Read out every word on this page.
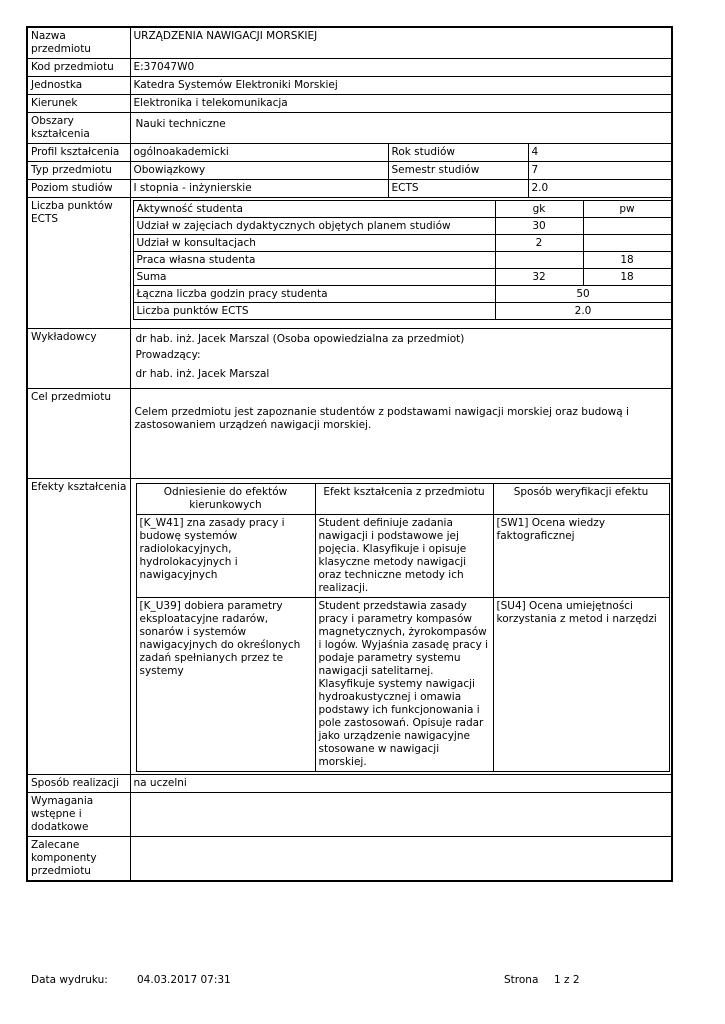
Nazwa przedmiotu	URZĄDZENIA NAWIGACJI MORSKIEJ
Kod przedmiotu	E:37047W0
Jednostka	Katedra Systemów Elektroniki Morskiej
Kierunek	Elektronika i telekomunikacja
Obszary kształcenia	Nauki techniczne
Profil kształcenia	ogólnoakademicki	Rok studiów	4
Typ przedmiotu	Obowiązkowy	Semestr studiów	7
Poziom studiów	I stopnia - inżynierskie	ECTS	2.0
Liczba punktów ECTS	
Aktywność studenta	gk	pw
Udział w zajęciach dydaktycznych objętych planem studiów	30	
Udział w konsultacjach	2	
Praca własna studenta		18
Suma	32	18
Łączna liczba godzin pracy studenta	50
Liczba punktów ECTS	2.0

Wykładowcy	dr hab. inż. Jacek Marszal (Osoba opowiedzialna za przedmiot)
Prowadzący:
dr hab. inż. Jacek Marszal

Cel przedmiotu	Celem przedmiotu jest zapoznanie studentów z podstawami nawigacji morskiej oraz budową i zastosowaniem urządzeń nawigacji morskiej.
Efekty kształcenia		Odniesienie do efektów kierunkowych	Efekt kształcenia z przedmiotu	Sposób weryfikacji efektu
[K_W41] zna zasady pracy i budowę systemów radiolokacyjnych, hydrolokacyjnych i nawigacyjnych	Student definiuje zadania nawigacji i podstawowe jej pojęcia. Klasyfikuje i opisuje klasyczne metody nawigacji oraz techniczne metody ich realizacji.	[SW1] Ocena wiedzy faktograficznej
[K_U39] dobiera parametry eksploatacyjne radarów, sonarów i systemów nawigacyjnych do określonych zadań spełnianych przez te systemy	Student przedstawia zasady pracy i parametry kompasów magnetycznych, żyrokompasów i logów. Wyjaśnia zasadę pracy i podaje parametry systemu nawigacji satelitarnej. Klasyfikuje systemy nawigacji hydroakustycznej i omawia podstawy ich funkcjonowania i pole zastosowań. Opisuje radar jako urządzenie nawigacyjne stosowane w nawigacji morskiej.	[SU4] Ocena umiejętności korzystania z metod i narzędzi

Sposób realizacji	na uczelni
Wymagania wstępne i dodatkowe	
Zalecane komponenty przedmiotu	
Data wydruku:	04.03.2017 07:31	Strona 1 z 2
